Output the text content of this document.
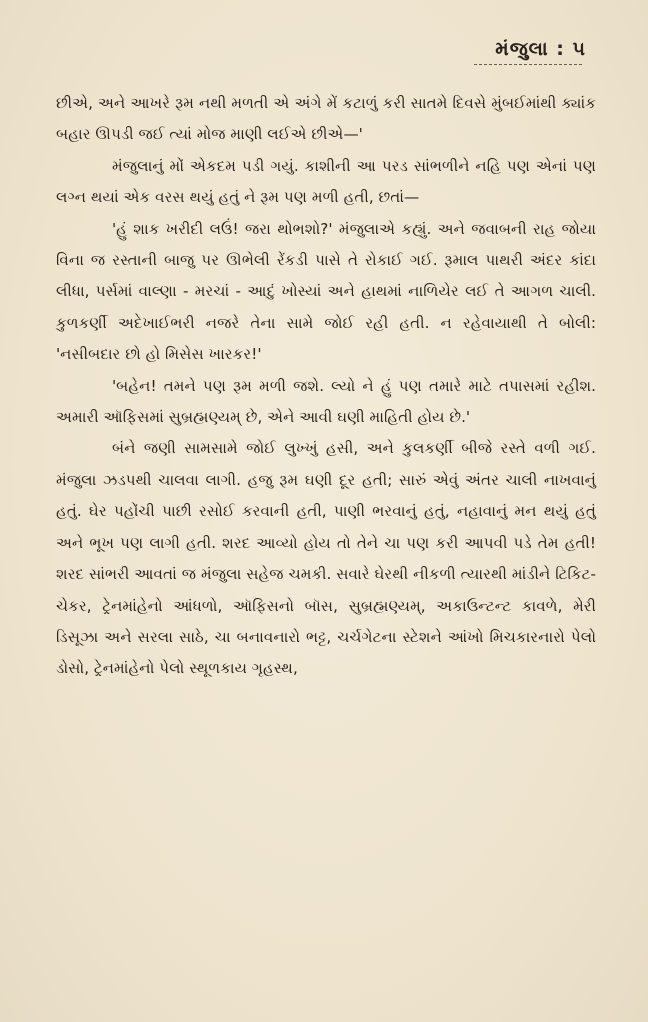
મંજુલા : ૫

છીએ, અને આખરે રૂમ નથી મળતી એ અંગે મેં કટાળું કરી સાતમે દિવસે મુંબઈમાંથી ક્યાંક બહાર ઊપડી જઈ ત્યાં મોજ માણી લઈએ છીએ—'

મંજુલાનું મોં એકદમ પડી ગયું. કાશીની આ પરડ સાંભળીને નહિ પણ એનાં પણ લગ્ન થયાં એક વરસ થયું હતું ને રૂમ પણ મળી હતી, છતાં—

'હું શાક ખરીદી લઉં! જરા થોભશો?' મંજુલાએ કહ્યું. અને જવાબની રાહ જોયા વિના જ રસ્તાની બાજુ પર ઊભેલી રેંકડી પાસે તે રોકાઈ ગઈ. રૂમાલ પાથરી અંદર કાંદા લીધા, પર્સમાં વાલ્ણા - મરચાં - આદું ખોસ્યાં અને હાથમાં નાળિયેર લઈ તે આગળ ચાલી. કુળકર્ણી અદેખાઈભરી નજરે તેના સામે જોઈ રહી હતી. ન રહેવાયાથી તે બોલી: 'નસીબદાર છો હો મિસેસ ખારકર!'

'બહેન! તમને પણ રૂમ મળી જશે. લ્યો ને હું પણ તમારે માટે તપાસમાં રહીશ. અમારી ઑફિસમાં સુબ્રહ્મણ્યમ્ છે, એને આવી ઘણી માહિતી હોય છે.'

બંને જણી સામસામે જોઈ લુખ્ખું હસી, અને કુલકર્ણી બીજે રસ્તે વળી ગઈ. મંજુલા ઝડપથી ચાલવા લાગી. હજુ રૂમ ઘણી દૂર હતી; સારું એવું અંતર ચાલી નાખવાનું હતું. ઘેર પહોંચી પાછી રસોઈ કરવાની હતી, પાણી ભરવાનું હતું, નહાવાનું મન થયું હતું અને ભૂખ પણ લાગી હતી. શરદ આવ્યો હોય તો તેને ચા પણ કરી આપવી પડે તેમ હતી! શરદ સાંભરી આવતાં જ મંજુલા સહેજ ચમકી. સવારે ઘેરથી નીકળી ત્યારથી માંડીને ટિકિટ-ચેકર, ટ્રેનમાંહેનો આંધળો, ઑફિસનો બૉસ, સુબ્રહ્મણ્યમ્, અકાઉન્ટન્ટ કાવળે, મેરી ડિસૂઝા અને સરલા સાઠે, ચા બનાવનારો ભટ્ટ, ચર્ચગેટના સ્ટેશને આંખો મિચકારનારો પેલો ડોસો, ટ્રેનમાંહેનો પેલો સ્થૂળકાય ગૃહસ્થ,
